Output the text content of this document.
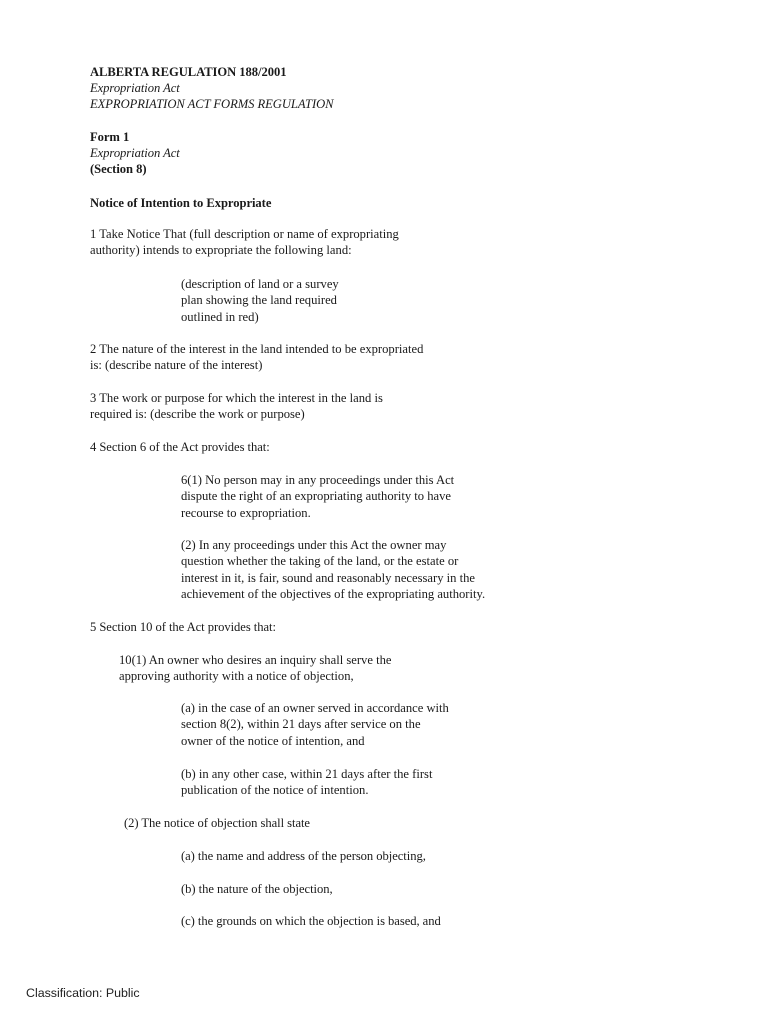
ALBERTA REGULATION 188/2001
Expropriation Act
EXPROPRIATION ACT FORMS REGULATION
Form 1
Expropriation Act
(Section 8)
Notice of Intention to Expropriate
1 Take Notice That (full description or name of expropriating
authority) intends to expropriate the following land:
(description of land or a survey
plan showing the land required
outlined in red)
2 The nature of the interest in the land intended to be expropriated
is: (describe nature of the interest)
3 The work or purpose for which the interest in the land is
required is: (describe the work or purpose)
4 Section 6 of the Act provides that:
6(1) No person may in any proceedings under this Act
dispute the right of an expropriating authority to have
recourse to expropriation.
(2) In any proceedings under this Act the owner may
question whether the taking of the land, or the estate or
interest in it, is fair, sound and reasonably necessary in the
achievement of the objectives of the expropriating authority.
5 Section 10 of the Act provides that:
10(1) An owner who desires an inquiry shall serve the
approving authority with a notice of objection,
(a) in the case of an owner served in accordance with
section 8(2), within 21 days after service on the
owner of the notice of intention, and
(b) in any other case, within 21 days after the first
publication of the notice of intention.
(2) The notice of objection shall state
(a) the name and address of the person objecting,
(b) the nature of the objection,
(c) the grounds on which the objection is based, and
Classification: Public
